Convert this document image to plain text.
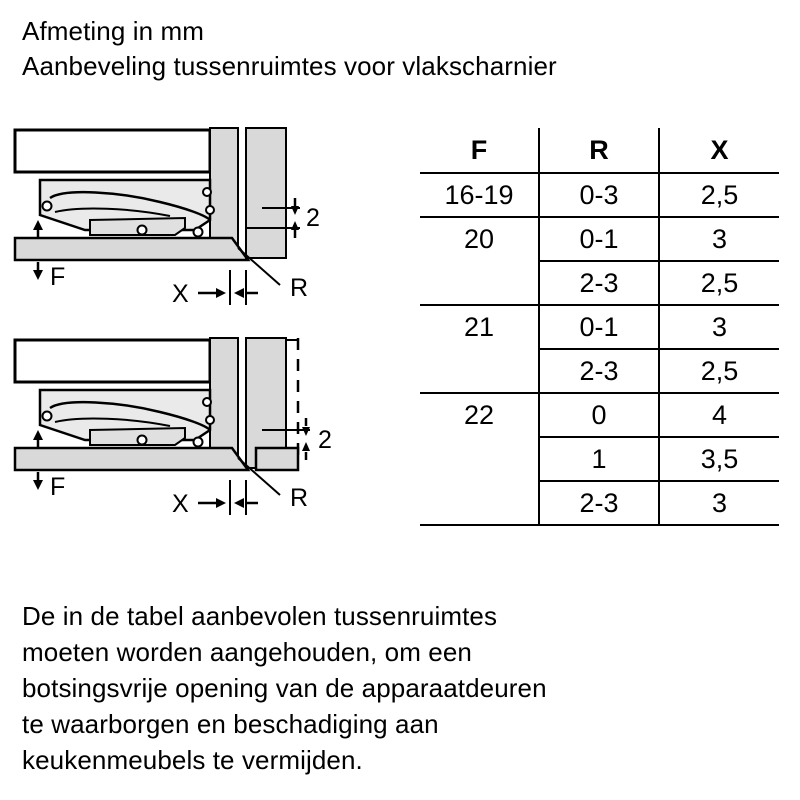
Afmeting in mm
Aanbeveling tussenruimtes voor vlakscharnier
2
F
X	R
2
F
X	R
F	R	X
16-19	0-3	2,5
20	0-1	3
	2-3	2,5
21	0-1	3
	2-3	2,5
22	0	4
	1	3,5
	2-3	3
De in de tabel aanbevolen tussenruimtes
moeten worden aangehouden, om een
botsingsvrije opening van de apparaatdeuren
te waarborgen en beschadiging aan
keukenmeubels te vermijden.
